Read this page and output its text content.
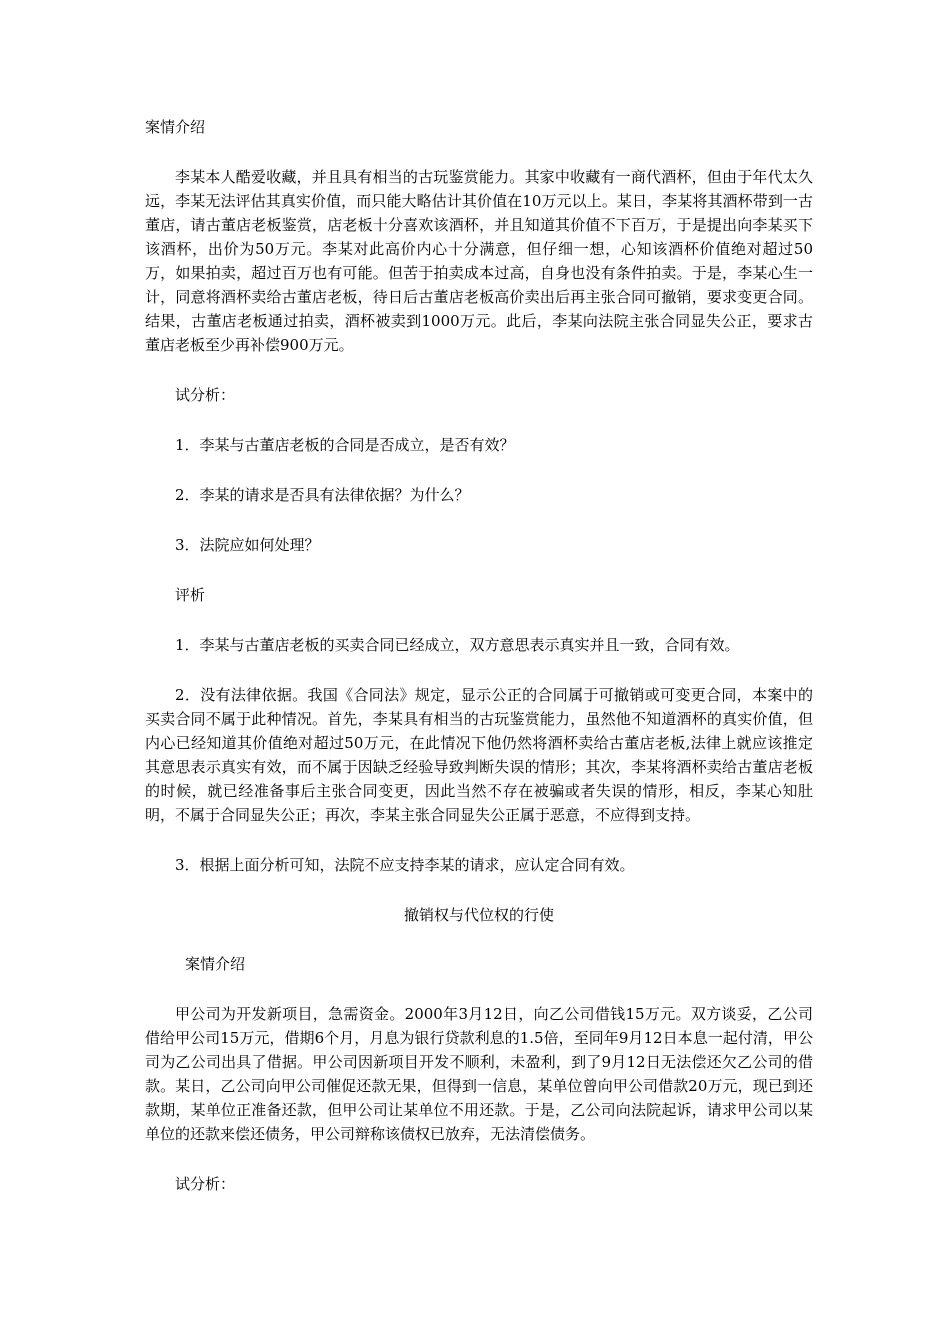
案情介绍

李某本人酷爱收藏，并且具有相当的古玩鉴赏能力。其家中收藏有一商代酒杯，但由于年代太久远，李某无法评估其真实价值，而只能大略估计其价值在10万元以上。某日，李某将其酒杯带到一古董店，请古董店老板鉴赏，店老板十分喜欢该酒杯，并且知道其价值不下百万，于是提出向李某买下该酒杯，出价为50万元。李某对此高价内心十分满意，但仔细一想，心知该酒杯价值绝对超过50万，如果拍卖，超过百万也有可能。但苦于拍卖成本过高，自身也没有条件拍卖。于是，李某心生一计，同意将酒杯卖给古董店老板，待日后古董店老板高价卖出后再主张合同可撤销，要求变更合同。结果，古董店老板通过拍卖，酒杯被卖到1000万元。此后，李某向法院主张合同显失公正，要求古董店老板至少再补偿900万元。

试分析：

1．李某与古董店老板的合同是否成立，是否有效？

2．李某的请求是否具有法律依据？为什么？

3．法院应如何处理？

评析

1．李某与古董店老板的买卖合同已经成立，双方意思表示真实并且一致，合同有效。

2．没有法律依据。我国《合同法》规定，显示公正的合同属于可撤销或可变更合同，本案中的买卖合同不属于此种情况。首先，李某具有相当的古玩鉴赏能力，虽然他不知道酒杯的真实价值，但内心已经知道其价值绝对超过50万元，在此情况下他仍然将酒杯卖给古董店老板,法律上就应该推定其意思表示真实有效，而不属于因缺乏经验导致判断失误的情形；其次，李某将酒杯卖给古董店老板的时候，就已经准备事后主张合同变更，因此当然不存在被骗或者失误的情形，相反，李某心知肚明，不属于合同显失公正；再次，李某主张合同显失公正属于恶意，不应得到支持。

3．根据上面分析可知，法院不应支持李某的请求，应认定合同有效。

撤销权与代位权的行使

案情介绍

甲公司为开发新项目，急需资金。2000年3月12日，向乙公司借钱15万元。双方谈妥，乙公司借给甲公司15万元，借期6个月，月息为银行贷款利息的1.5倍，至同年9月12日本息一起付清，甲公司为乙公司出具了借据。甲公司因新项目开发不顺利，未盈利，到了9月12日无法偿还欠乙公司的借款。某日，乙公司向甲公司催促还款无果，但得到一信息，某单位曾向甲公司借款20万元，现已到还款期，某单位正准备还款，但甲公司让某单位不用还款。于是，乙公司向法院起诉，请求甲公司以某单位的还款来偿还债务，甲公司辩称该债权已放弃，无法清偿债务。

试分析：
